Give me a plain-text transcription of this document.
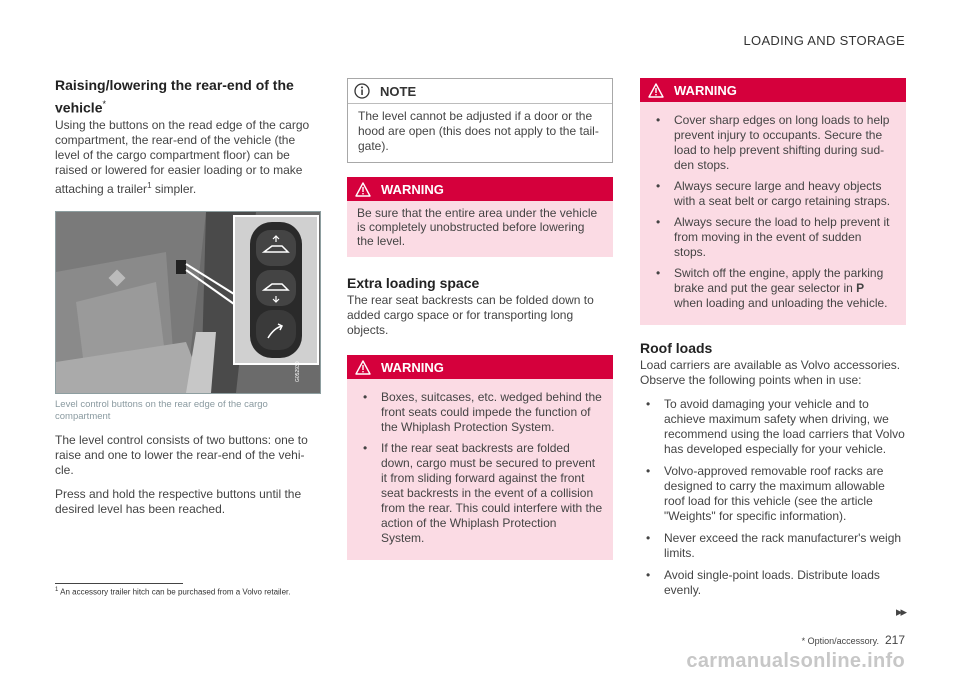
LOADING AND STORAGE
Raising/lowering the rear-end of the vehicle*

Using the buttons on the read edge of the cargo compartment, the rear-end of the vehicle (the level of the cargo compartment floor) can be raised or lowered for easier loading or to make attaching a trailer$^1$ simpler.

G052930
Level control buttons on the rear edge of the cargo compartment

The level control consists of two buttons: one to raise and one to lower the rear-end of the vehi- cle.

Press and hold the respective buttons until the desired level has been reached.

NOTE
The level cannot be adjusted if a door or the hood are open (this does not apply to the tail- gate).
WARNING
Be sure that the entire area under the vehicle is completely unobstructed before lowering the level.
Extra loading space

The rear seat backrests can be folded down to added cargo space or for transporting long objects.

WARNING
• Boxes, suitcases, etc. wedged behind the front seats could impede the function of the Whiplash Protection System.
• If the rear seat backrests are folded down, cargo must be secured to prevent it from sliding forward against the front seat backrests in the event of a collision from the rear. This could interfere with the action of the Whiplash Protection System.
WARNING
• Cover sharp edges on long loads to help prevent injury to occupants. Secure the load to help prevent shifting during sud- den stops.
• Always secure large and heavy objects with a seat belt or cargo retaining straps.
• Always secure the load to help prevent it from moving in the event of sudden stops.
• Switch off the engine, apply the parking brake and put the gear selector in P when loading and unloading the vehicle.
Roof loads

Load carriers are available as Volvo accessories. Observe the following points when in use:

• To avoid damaging your vehicle and to achieve maximum safety when driving, we recommend using the load carriers that Volvo has developed especially for your vehicle.
• Volvo-approved removable roof racks are designed to carry the maximum allowable roof load for this vehicle (see the article "Weights" for specific information).
• Never exceed the rack manufacturer's weigh limits.
• Avoid single-point loads. Distribute loads evenly.
$^1$ An accessory trailer hitch can be purchased from a Volvo retailer.
▸▸
* Option/accessory. 217
carmanualsonline.info
